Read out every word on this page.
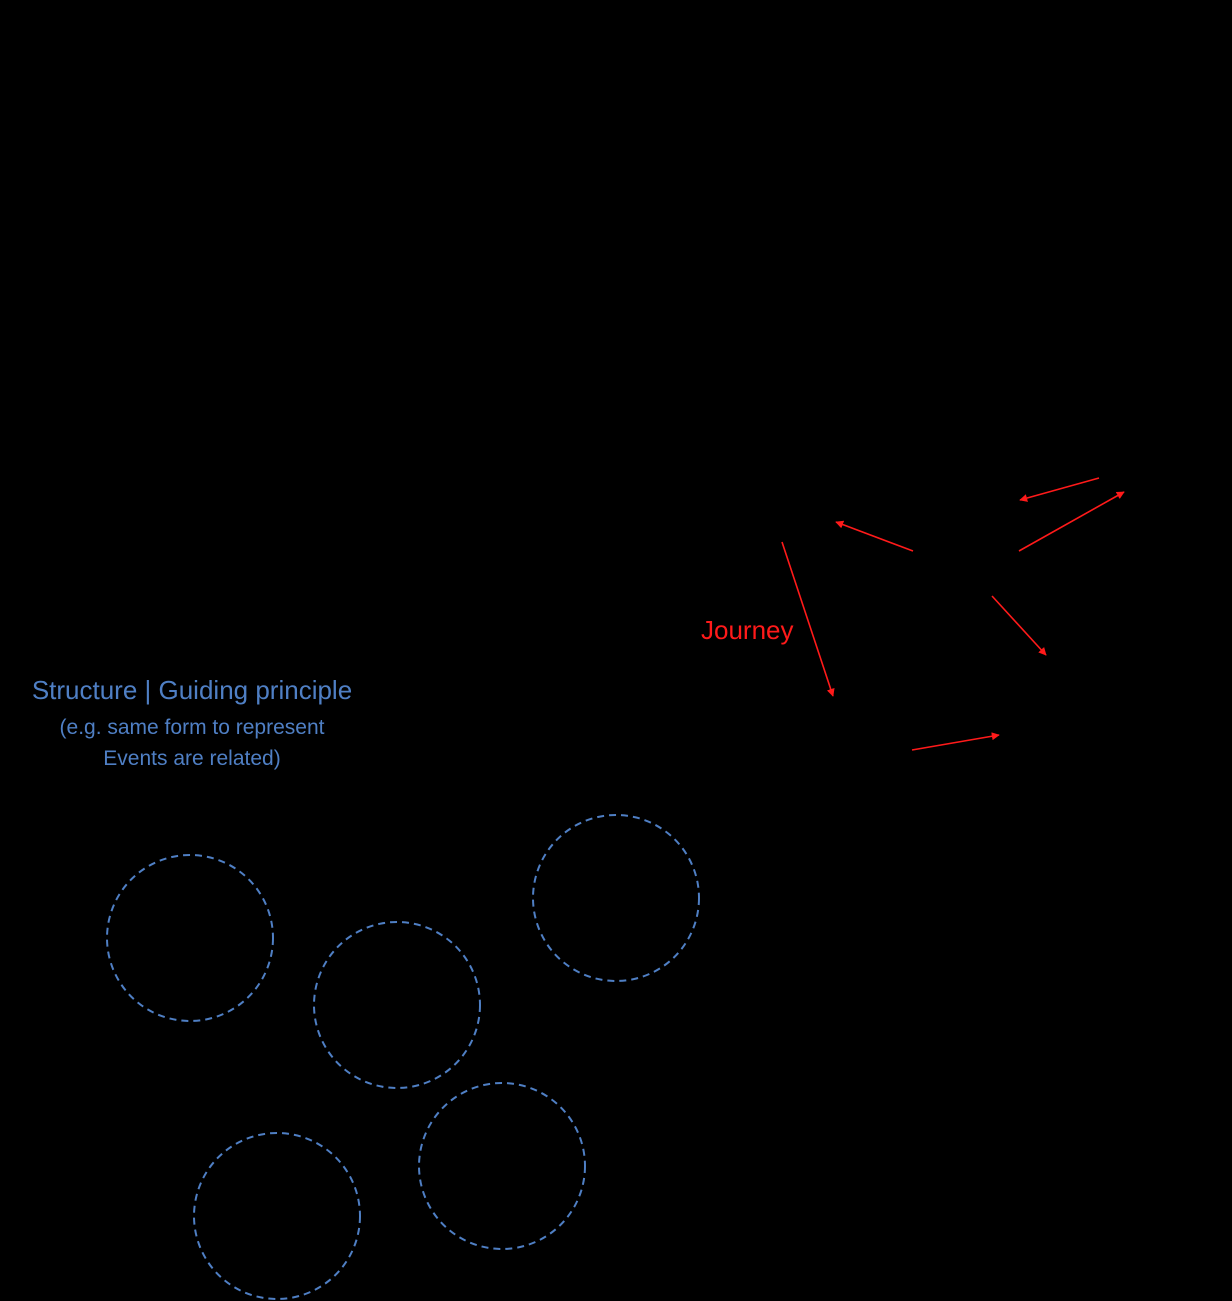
Structure | Guiding principle
(e.g. same form to represent
Events are related)
Journey
